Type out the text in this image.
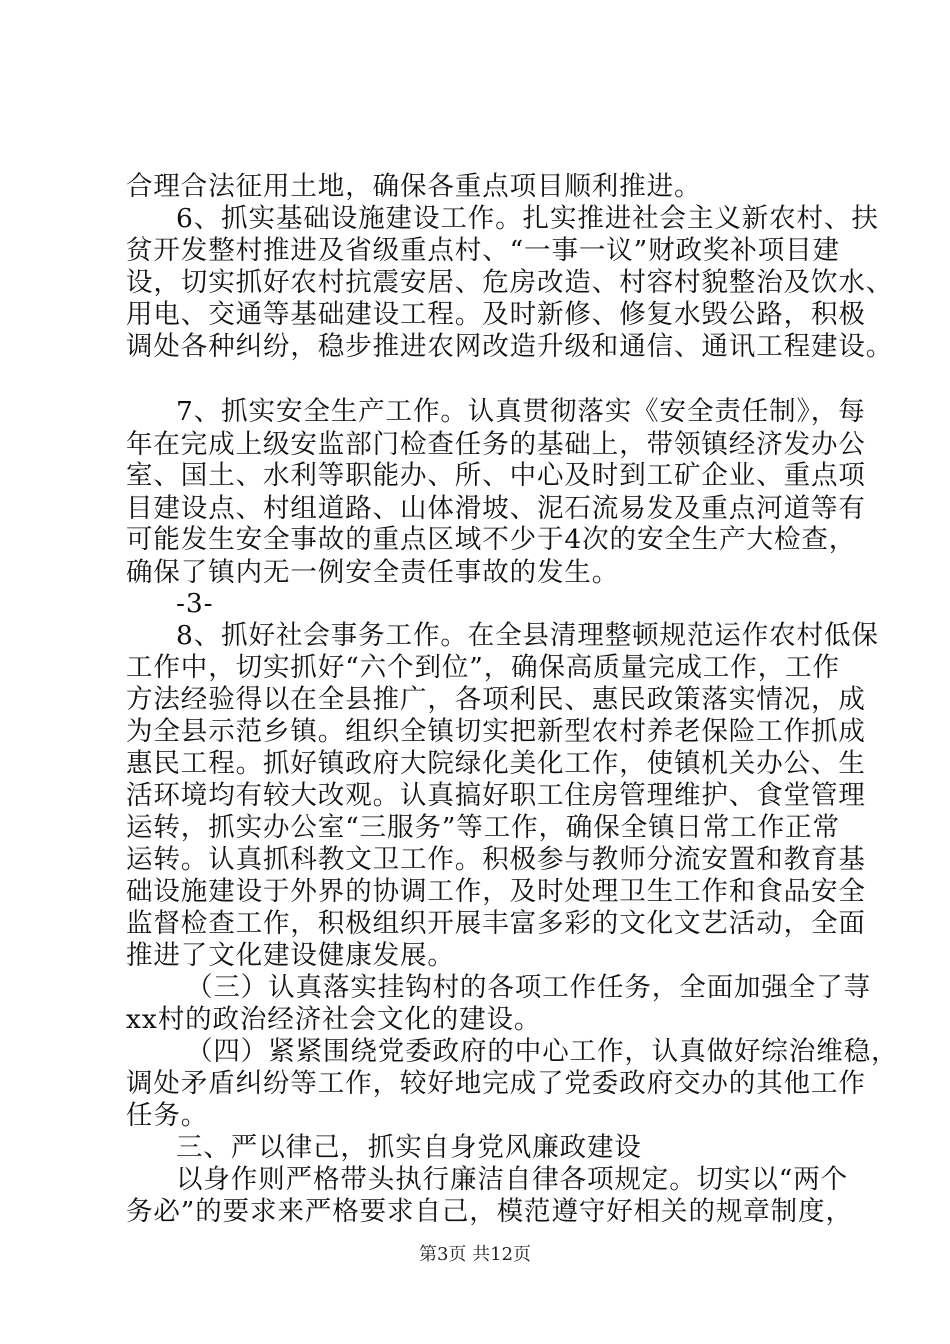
合理合法征用土地，确保各重点项目顺利推进。
6、抓实基础设施建设工作。扎实推进社会主义新农村、扶
贫开发整村推进及省级重点村、“一事一议”财政奖补项目建
设，切实抓好农村抗震安居、危房改造、村容村貌整治及饮水、
用电、交通等基础建设工程。及时新修、修复水毁公路，积极
调处各种纠纷，稳步推进农网改造升级和通信、通讯工程建设。
7、抓实安全生产工作。认真贯彻落实《安全责任制》，每
年在完成上级安监部门检查任务的基础上，带领镇经济发办公
室、国土、水利等职能办、所、中心及时到工矿企业、重点项
目建设点、村组道路、山体滑坡、泥石流易发及重点河道等有
可能发生安全事故的重点区域不少于4次的安全生产大检查，
确保了镇内无一例安全责任事故的发生。
-3-
8、抓好社会事务工作。在全县清理整顿规范运作农村低保
工作中，切实抓好“六个到位”，确保高质量完成工作，工作
方法经验得以在全县推广，各项利民、惠民政策落实情况，成
为全县示范乡镇。组织全镇切实把新型农村养老保险工作抓成
惠民工程。抓好镇政府大院绿化美化工作，使镇机关办公、生
活环境均有较大改观。认真搞好职工住房管理维护、食堂管理
运转，抓实办公室“三服务”等工作，确保全镇日常工作正常
运转。认真抓科教文卫工作。积极参与教师分流安置和教育基
础设施建设于外界的协调工作，及时处理卫生工作和食品安全
监督检查工作，积极组织开展丰富多彩的文化文艺活动，全面
推进了文化建设健康发展。
（三）认真落实挂钩村的各项工作任务，全面加强全了荨
xx村的政治经济社会文化的建设。
（四）紧紧围绕党委政府的中心工作，认真做好综治维稳，
调处矛盾纠纷等工作，较好地完成了党委政府交办的其他工作
任务。
三、严以律己，抓实自身党风廉政建设
以身作则严格带头执行廉洁自律各项规定。切实以“两个
务必”的要求来严格要求自己，模范遵守好相关的规章制度，
第3页 共12页
